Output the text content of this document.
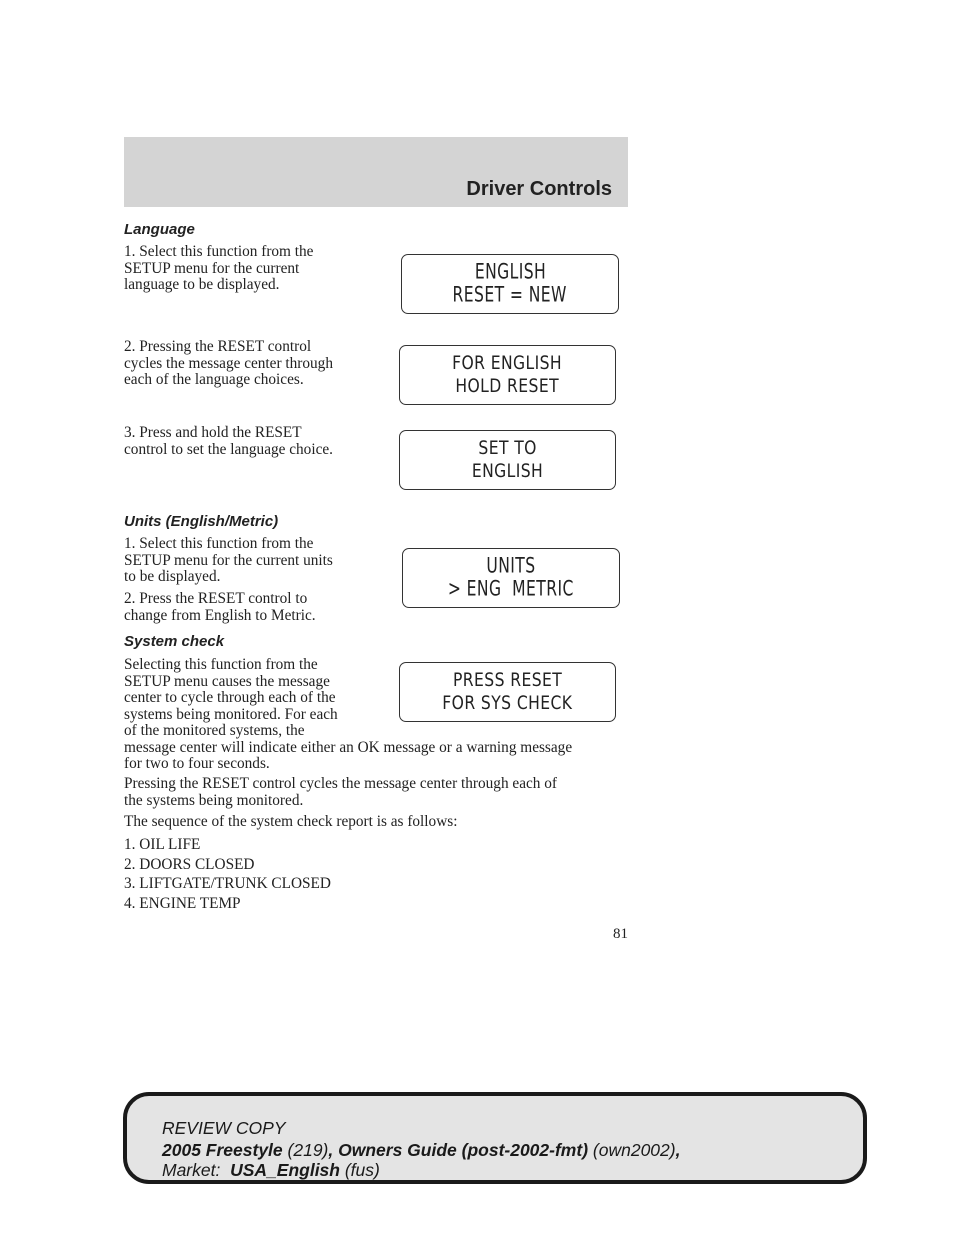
Driver Controls
Language
1. Select this function from the
SETUP menu for the current
language to be displayed.
ENGLISH
RESET = NEW
2. Pressing the RESET control
cycles the message center through
each of the language choices.
FOR ENGLISH
HOLD RESET
3. Press and hold the RESET
control to set the language choice.	SET TO
ENGLISH
Units (English/Metric)
1. Select this function from the
SETUP menu for the current units
to be displayed.
2. Press the RESET control to
change from English to Metric.
UNITS
> ENG  METRIC
System check
Selecting this function from the
SETUP menu causes the message
center to cycle through each of the
systems being monitored. For each
of the monitored systems, the
message center will indicate either an OK message or a warning message
for two to four seconds.
PRESS RESET
FOR SYS CHECK
Pressing the RESET control cycles the message center through each of
the systems being monitored.
The sequence of the system check report is as follows:
1. OIL LIFE
2. DOORS CLOSED
3. LIFTGATE/TRUNK CLOSED
4. ENGINE TEMP
81
REVIEW COPY
2005 Freestyle (219), Owners Guide (post-2002-fmt) (own2002),
Market: USA_English (fus)
